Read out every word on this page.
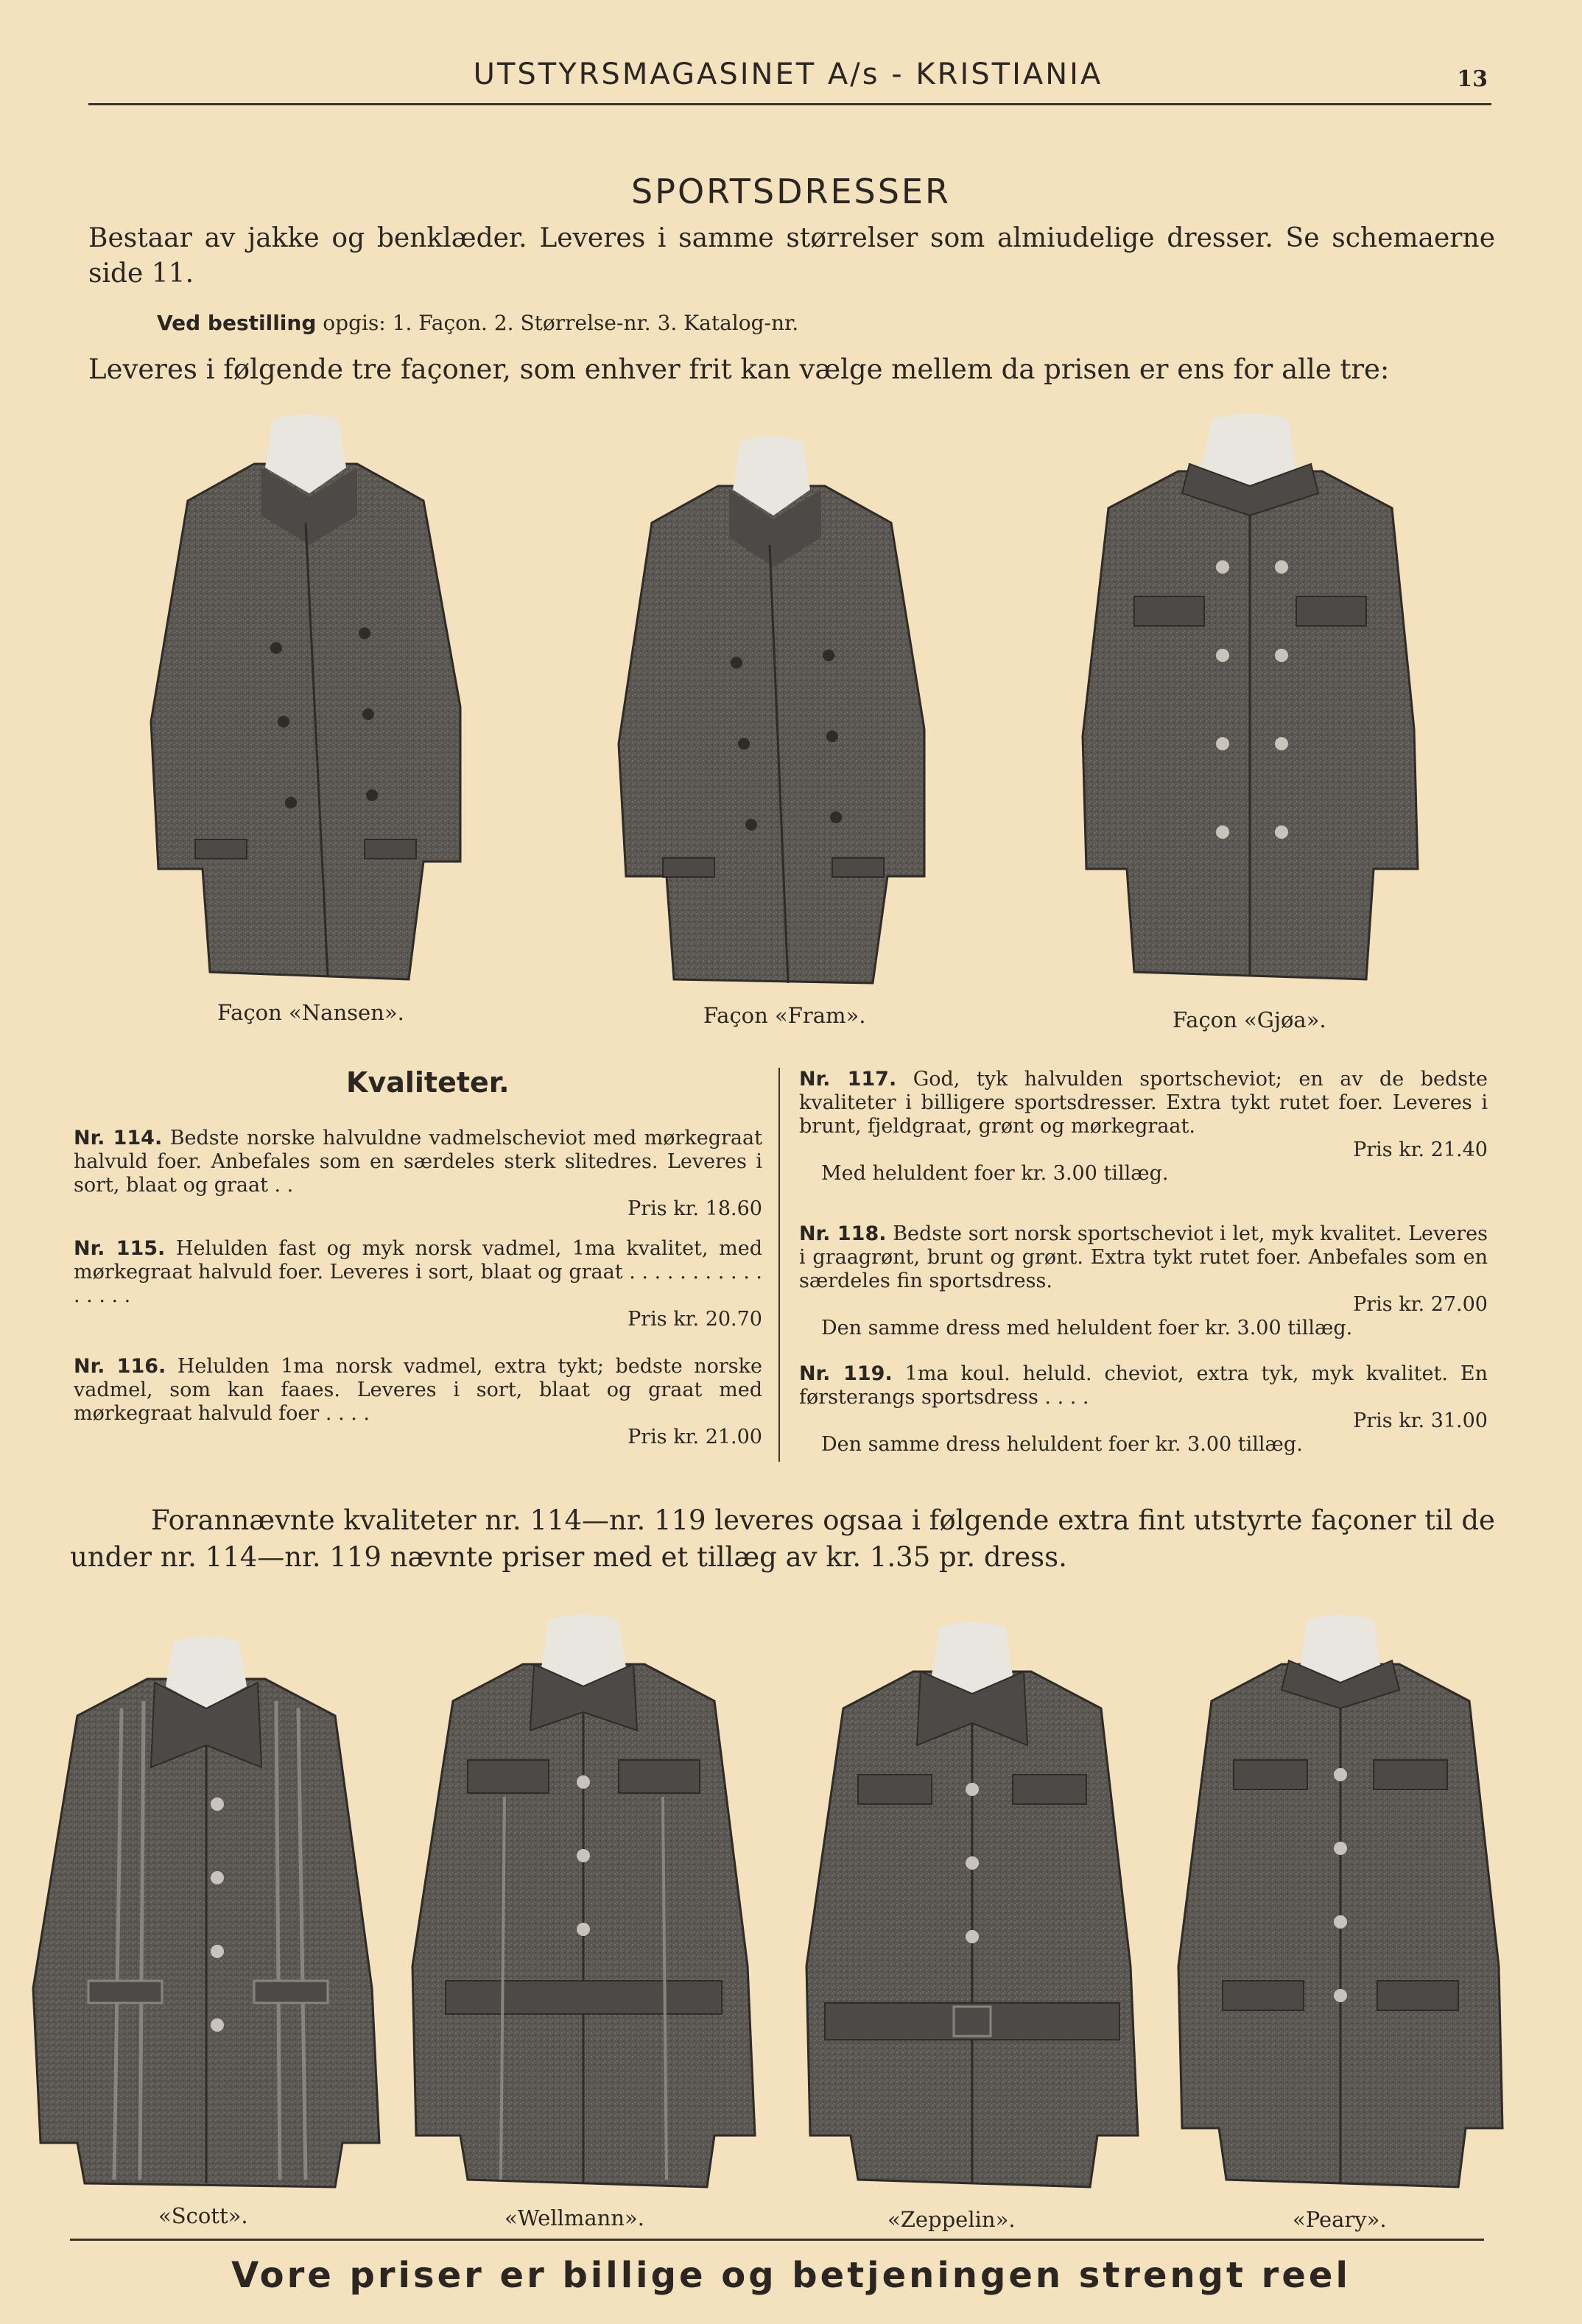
UTSTYRSMAGASINET A/s - KRISTIANIA	13
SPORTSDRESSER
Bestaar av jakke og benklæder. Leveres i samme størrelser som almiudelige dresser. Se schemaerne side 11.
Ved bestilling opgis: 1. Façon. 2. Størrelse-nr. 3. Katalog-nr.
Leveres i følgende tre façoner, som enhver frit kan vælge mellem da prisen er ens for alle tre:
Façon «Nansen».	Façon «Fram».	Façon «Gjøa».
Kvaliteter.
Nr. 114. Bedste norske halvuldne vadmelscheviot med mørkegraat halvuld foer. Anbefales som en særdeles sterk slitedres. Leveres i sort, blaat og graat . .
Pris kr. 18.60
Nr. 115. Helulden fast og myk norsk vadmel, 1ma kvalitet, med mørkegraat halvuld foer. Leveres i sort, blaat og graat . . . . . . . . . . . . . . . .
Pris kr. 20.70
Nr. 116. Helulden 1ma norsk vadmel, extra tykt; bedste norske vadmel, som kan faaes. Leveres i sort, blaat og graat med mørkegraat halvuld foer . . . .
Pris kr. 21.00
Nr. 117. God, tyk halvulden sportscheviot; en av de bedste kvaliteter i billigere sportsdresser. Extra tykt rutet foer. Leveres i brunt, fjeldgraat, grønt og mørkegraat.
Pris kr. 21.40
Med heluldent foer kr. 3.00 tillæg.
Nr. 118. Bedste sort norsk sportscheviot i let, myk kvalitet. Leveres i graagrønt, brunt og grønt. Extra tykt rutet foer. Anbefales som en særdeles fin sportsdress.
Pris kr. 27.00
Den samme dress med heluldent foer kr. 3.00 tillæg.
Nr. 119. 1ma koul. heluld. cheviot, extra tyk, myk kvalitet. En førsterangs sportsdress . . . .
Pris kr. 31.00
Den samme dress heluldent foer kr. 3.00 tillæg.
Forannævnte kvaliteter nr. 114—nr. 119 leveres ogsaa i følgende extra fint utstyrte façoner til de under nr. 114—nr. 119 nævnte priser med et tillæg av kr. 1.35 pr. dress.
«Scott».	«Wellmann».	«Zeppelin».	«Peary».
Vore priser er billige og betjeningen strengt reel
